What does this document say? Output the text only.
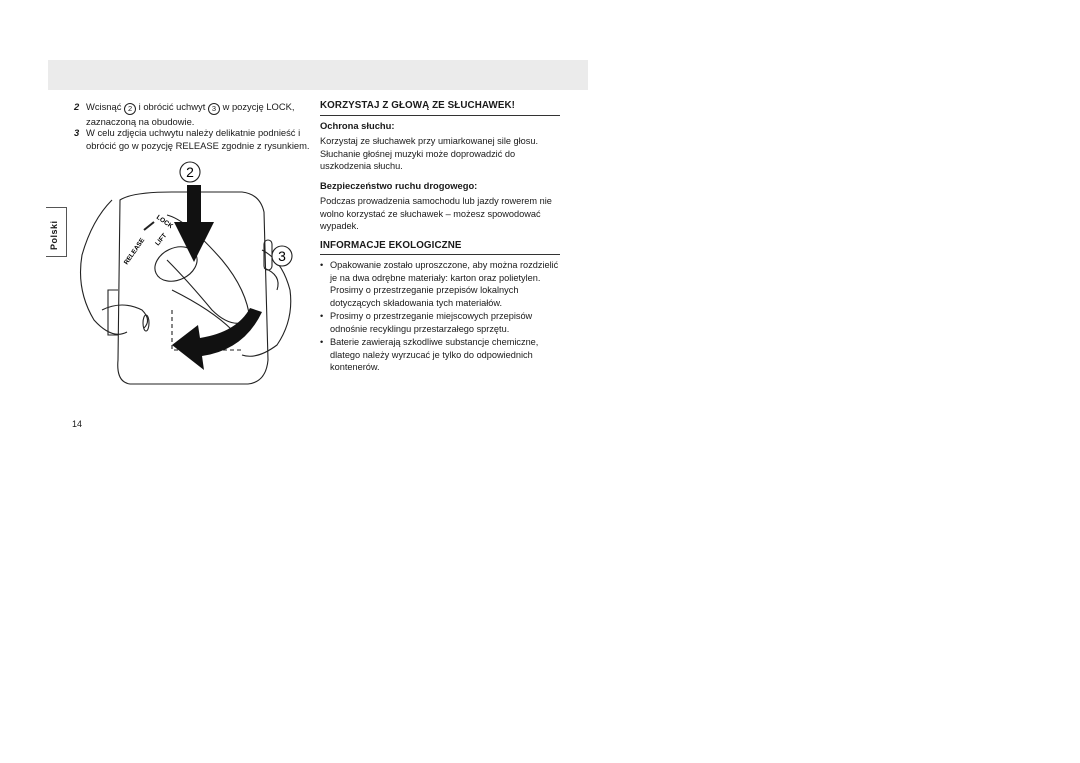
Polski
2 Wcisnąć 2 i obrócić uchwyt 3 w pozycję LOCK, zaznaczoną na obudowie.
3 W celu zdjęcia uchwytu należy delikatnie podnieść i obrócić go w pozycję RELEASE zgodnie z rysunkiem.
RELEASE
LOCK
LIFT
2
3
14
KORZYSTAJ Z GŁOWĄ ZE SŁUCHAWEK!
Ochrona słuchu:

Korzystaj ze słuchawek przy umiarkowanej sile głosu. Słuchanie głośnej muzyki może doprowadzić do uszkodzenia słuchu.

Bezpieczeństwo ruchu drogowego:

Podczas prowadzenia samochodu lub jazdy rowerem nie wolno korzystać ze słuchawek – możesz spowodować wypadek.

INFORMACJE EKOLOGICZNE
• Opakowanie zostało uproszczone, aby można rozdzielić je na dwa odrębne materiały: karton oraz polietylen. Prosimy o przestrzeganie przepisów lokalnych dotyczących składowania tych materiałów.
• Prosimy o przestrzeganie miejscowych przepisów odnośnie recyklingu przestarzałego sprzętu.
• Baterie zawierają szkodliwe substancje chemiczne, dlatego należy wyrzucać je tylko do odpowiednich kontenerów.
